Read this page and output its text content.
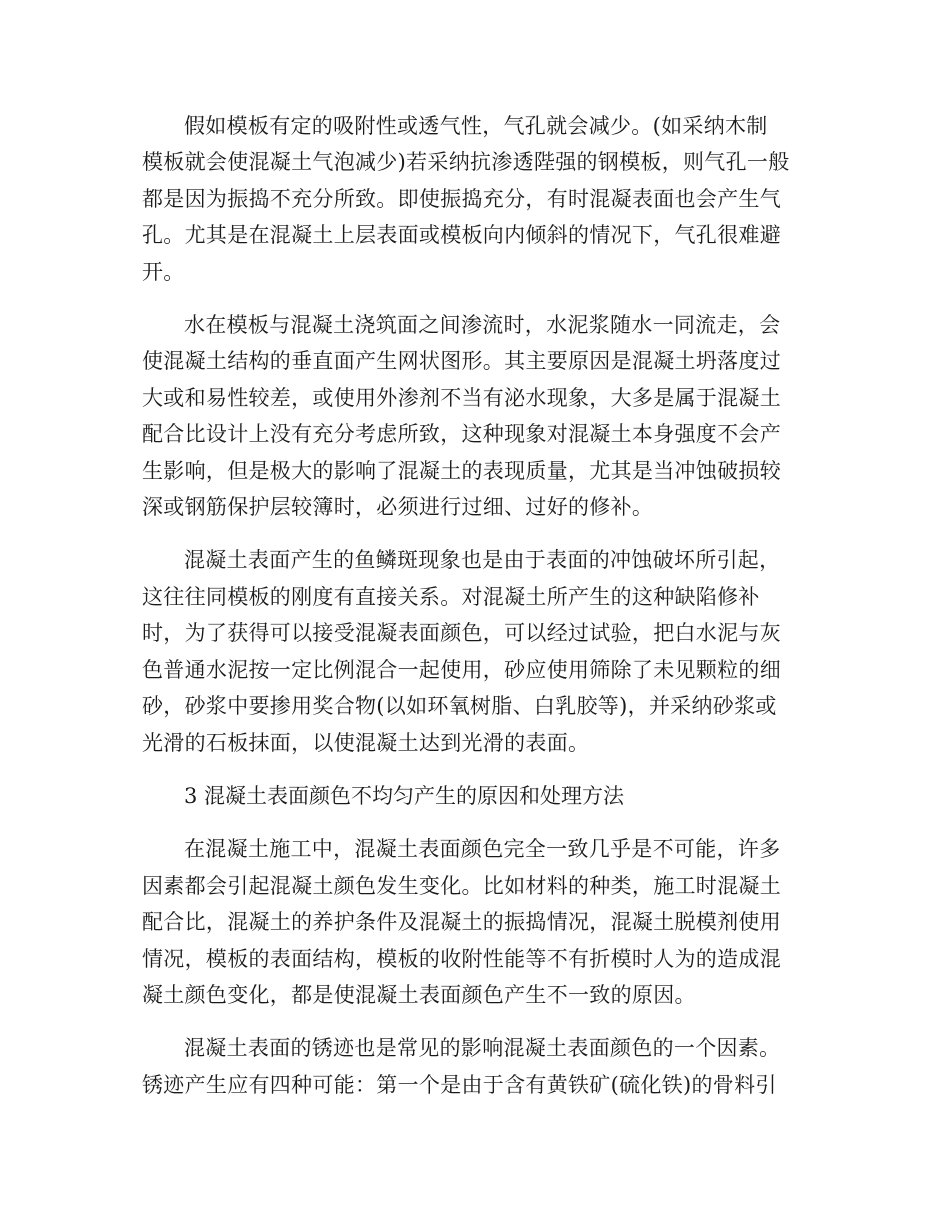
假如模板有定的吸附性或透气性，气孔就会减少。(如采纳木制
模板就会使混凝土气泡减少)若采纳抗渗透陛强的钢模板，则气孔一般
都是因为振捣不充分所致。即使振捣充分，有时混凝表面也会产生气
孔。尤其是在混凝土上层表面或模板向内倾斜的情况下，气孔很难避
开。

水在模板与混凝土浇筑面之间渗流时，水泥浆随水一同流走，会
使混凝土结构的垂直面产生网状图形。其主要原因是混凝土坍落度过
大或和易性较差，或使用外渗剂不当有泌水现象，大多是属于混凝土
配合比设计上没有充分考虑所致，这种现象对混凝土本身强度不会产
生影响，但是极大的影响了混凝土的表现质量，尤其是当冲蚀破损较
深或钢筋保护层较簿时，必须进行过细、过好的修补。

混凝土表面产生的鱼鳞斑现象也是由于表面的冲蚀破坏所引起，
这往往同模板的刚度有直接关系。对混凝土所产生的这种缺陷修补
时，为了获得可以接受混凝表面颜色，可以经过试验，把白水泥与灰
色普通水泥按一定比例混合一起使用，砂应使用筛除了未见颗粒的细
砂，砂浆中要掺用奖合物(以如环氧树脂、白乳胶等)，并采纳砂浆或
光滑的石板抹面，以使混凝土达到光滑的表面。

3 混凝土表面颜色不均匀产生的原因和处理方法

在混凝土施工中，混凝土表面颜色完全一致几乎是不可能，许多
因素都会引起混凝土颜色发生变化。比如材料的种类，施工时混凝土
配合比，混凝土的养护条件及混凝土的振捣情况，混凝土脱模剂使用
情况，模板的表面结构，模板的收附性能等不有折模时人为的造成混
凝土颜色变化，都是使混凝土表面颜色产生不一致的原因。

混凝土表面的锈迹也是常见的影响混凝土表面颜色的一个因素。
锈迹产生应有四种可能：第一个是由于含有黄铁矿(硫化铁)的骨料引
